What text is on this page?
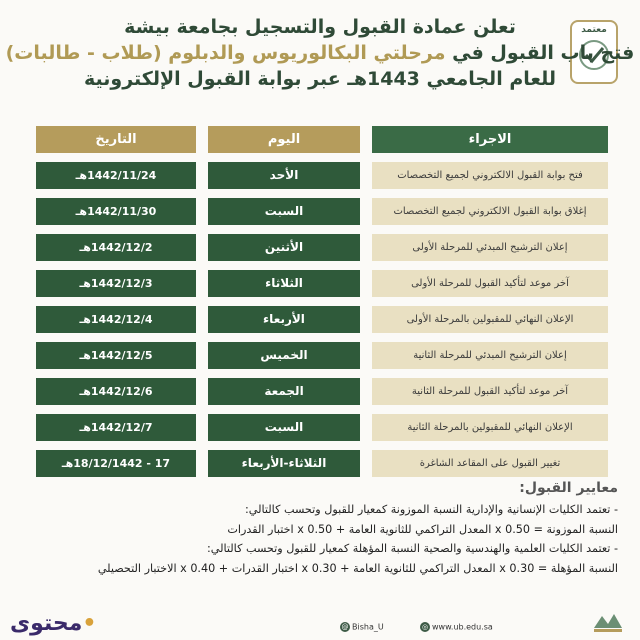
معتمد
تعلن عمادة القبول والتسجيل بجامعة بيشة
فتح باب القبول في مرحلتي البكالوريوس والدبلوم (طلاب - طالبات)
للعام الجامعي 1443هـ عبر بوابة القبول الإلكترونية
الاجراء
اليوم
التاريخ
فتح بوابة القبول الالكتروني لجميع التخصصات
الأحد
1442/11/24هـ
إغلاق بوابة القبول الالكتروني لجميع التخصصات
السبت
1442/11/30هـ
إعلان الترشيح المبدئي للمرحلة الأولى
الأثنين
1442/12/2هـ
آخر موعد لتأكيد القبول للمرحلة الأولى
الثلاثاء
1442/12/3هـ
الإعلان النهائي للمقبولين بالمرحلة الأولى
الأربعاء
1442/12/4هـ
إعلان الترشيح المبدئي للمرحلة الثانية
الخميس
1442/12/5هـ
آخر موعد لتأكيد القبول للمرحلة الثانية
الجمعة
1442/12/6هـ
الإعلان النهائي للمقبولين بالمرحلة الثانية
السبت
1442/12/7هـ
تغيير القبول على المقاعد الشاغرة
الثلاثاء-الأربعاء
17 - 18/12/1442هـ
معايير القبول:
- تعتمد الكليات الإنسانية والإدارية النسبة الموزونة كمعيار للقبول وتحسب كالتالي:
النسبة الموزونة = 0.50 x المعدل التراكمي للثانوية العامة + 0.50 x اختبار القدرات
- تعتمد الكليات العلمية والهندسية والصحية النسبة المؤهلة كمعيار للقبول وتحسب كالتالي:
النسبة المؤهلة = 0.30 x المعدل التراكمي للثانوية العامة + 0.30 x اختبار القدرات + 0.40 x الاختبار التحصيلي
محتوى•	@ Bisha_U	◎ www.ub.edu.sa
